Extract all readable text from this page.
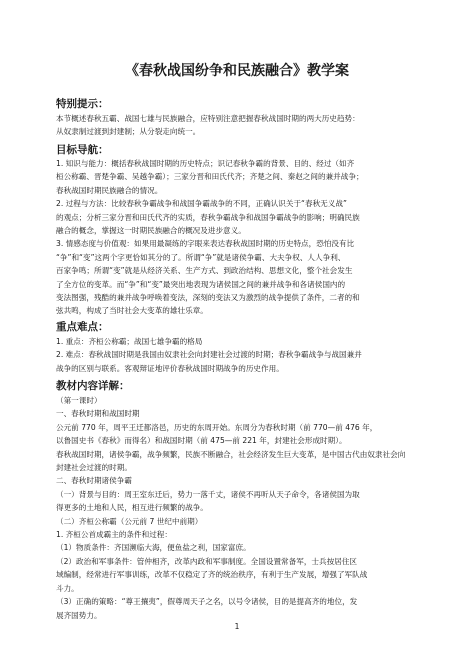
《春秋战国纷争和民族融合》教学案
特别提示：
本节概述春秋五霸、战国七雄与民族融合，应特别注意把握春秋战国时期的两大历史趋势：
从奴隶制过渡到封建制；从分裂走向统一。
目标导航：
1. 知识与能力：概括春秋战国时期的历史特点；识记春秋争霸的背景、目的、经过（如齐
桓公称霸、晋楚争霸、吴越争霸）；三家分晋和田氏代齐；齐楚之间、秦赵之间的兼并战争；
春秋战国时期民族融合的情况。
2. 过程与方法：比较春秋争霸战争和战国争霸战争的不同，正确认识关于“春秋无义战”
的观点；分析三家分晋和田氏代齐的实质，春秋争霸战争和战国争霸战争的影响；明确民族
融合的概念，掌握这一时期民族融合的概况及进步意义。
3. 情感态度与价值观：如果用最凝练的字眼来表达春秋战国时期的历史特点，恐怕没有比
“争”和“变”这两个字更恰如其分的了。所谓“争”就是诸侯争霸、大夫争权、人人争利、
百家争鸣；所谓“变”就是从经济关系、生产方式、到政治结构、思想文化，整个社会发生
了全方位的变革。而“争”和“变”最突出地表现为诸侯国之间的兼并战争和各诸侯国内的
变法图强，残酷的兼并战争呼唤着变法，深刻的变法又为激烈的战争提供了条件，二者的和
弦共鸣，构成了当时社会大变革的雄壮乐章。
重点难点：
1. 重点：齐桓公称霸；战国七雄争霸的格局
2. 难点：春秋战国时期是我国由奴隶社会向封建社会过渡的时期；春秋争霸战争与战国兼并
战争的区别与联系。客观辩证地评价春秋战国时期战争的历史作用。
教材内容详解：
（第一课时）
一、春秋时期和战国时期
公元前 770 年，周平王迁都洛邑，历史的东周开始。东周分为春秋时期（前 770—前 476 年，
以鲁国史书《春秋》而得名）和战国时期（前 475—前 221 年，封建社会形成时期）。
春秋战国时期，诸侯争霸，战争频繁，民族不断融合，社会经济发生巨大变革，是中国古代由奴隶社会向
封建社会过渡的时期。
二、春秋时期诸侯争霸
（一）背景与目的：周王室东迁后，势力一落千丈，诸侯不再听从天子命令，各诸侯国为取
得更多的土地和人民，相互进行频繁的战争。
（二）齐桓公称霸（公元前 7 世纪中前期）
1. 齐桓公首成霸主的条件和过程：
（1）物质条件：齐国濒临大海，便鱼盐之利，国家富庶。
（2）政治和军事条件：管仲相齐，改革内政和军事制度。全国设置常备军，士兵按居住区
域编制，经常进行军事训练，改革不仅稳定了齐的统治秩序，有利于生产发展，增强了军队战
斗力。
（3）正确的策略：“尊王攘夷”，假尊周天子之名，以号令诸侯，目的是提高齐的地位，发
展齐国势力。
1
